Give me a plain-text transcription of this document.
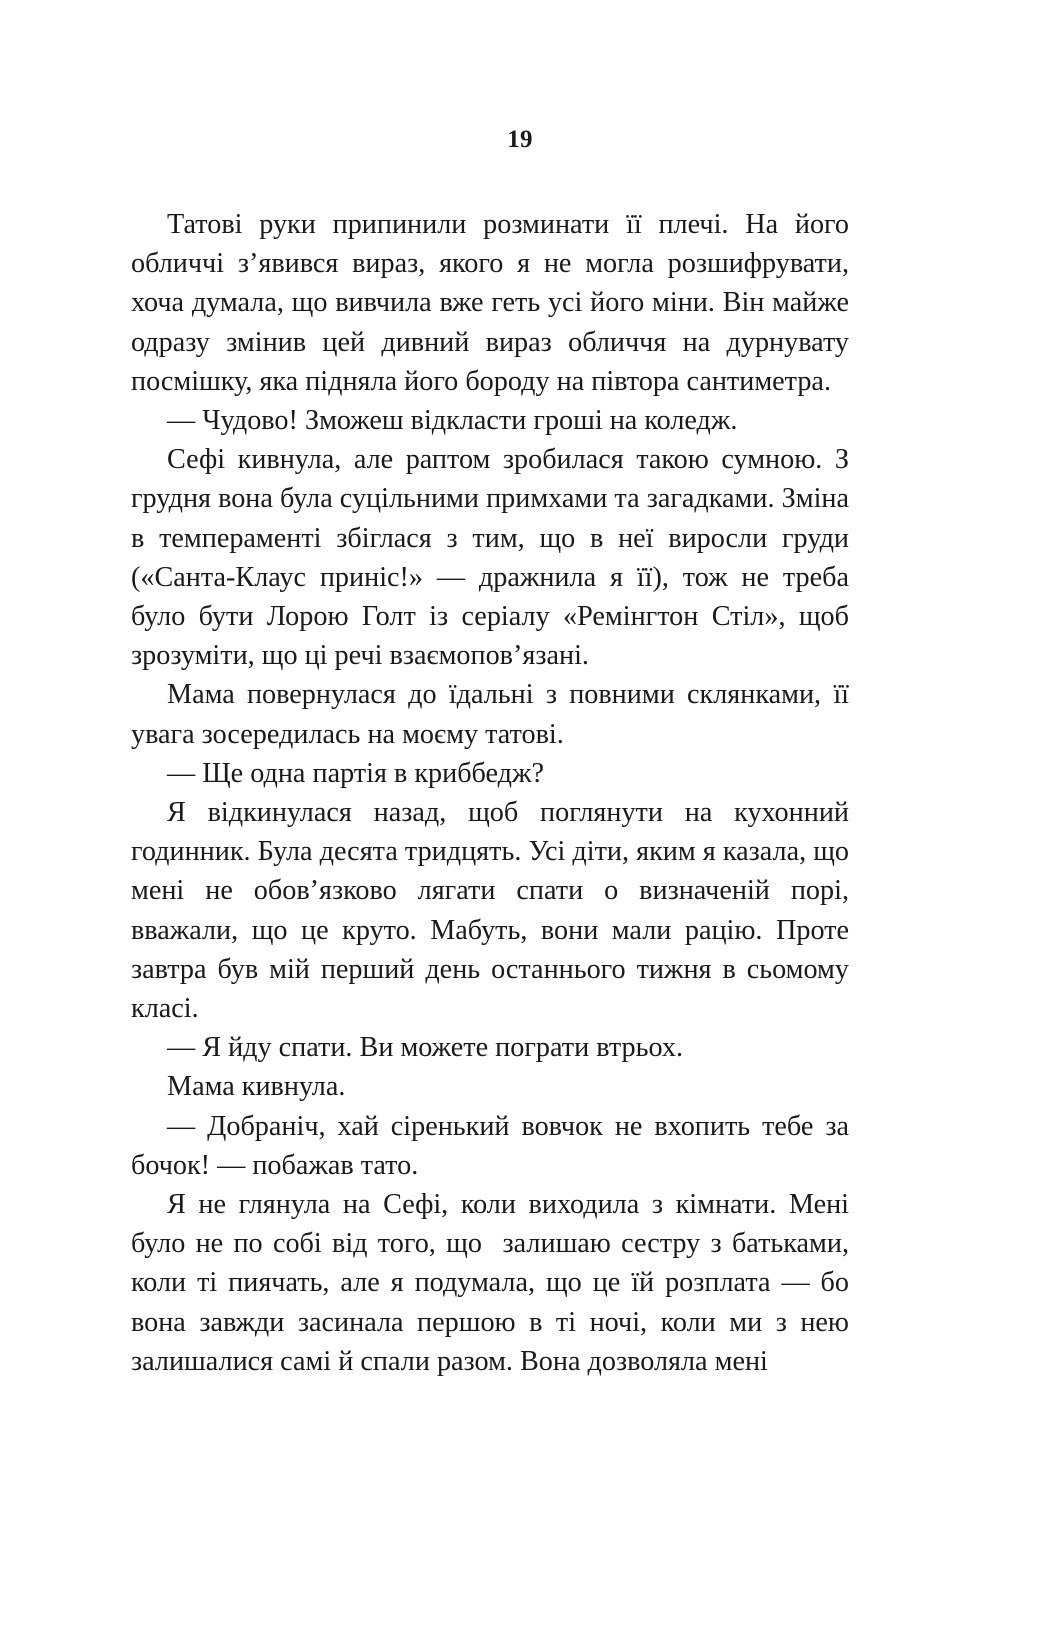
19

Татові руки припинили розминати її плечі. На його обличчі з’явився вираз, якого я не могла розшифрувати, хоча думала, що вивчила вже геть усі його міни. Він майже одразу змінив цей дивний вираз обличчя на дурнувату посмішку, яка підняла його бороду на півтора сантиметра.

— Чудово! Зможеш відкласти гроші на коледж.

Сефі кивнула, але раптом зробилася такою сумною. З грудня вона була суцільними примхами та загадками. Зміна в темпераменті збіглася з тим, що в неї виросли груди («Санта-Клаус приніс!» — дражнила я її), тож не треба було бути Лорою Голт із серіалу «Ремінгтон Стіл», щоб зрозуміти, що ці речі взаємопов’язані.

Мама повернулася до їдальні з повними склянками, її увага зосередилась на моєму татові.

— Ще одна партія в криббедж?

Я відкинулася назад, щоб поглянути на кухонний годинник. Була десята тридцять. Усі діти, яким я казала, що мені не обов’язково лягати спати о визначеній порі, вважали, що це круто. Мабуть, вони мали рацію. Проте завтра був мій перший день останнього тижня в сьомому класі.

— Я йду спати. Ви можете пограти втрьох.

Мама кивнула.

— Добраніч, хай сіренький вовчок не вхопить тебе за бочок! — побажав тато.

Я не глянула на Сефі, коли виходила з кімнати. Мені було не по собі від того, що  залишаю сестру з батьками, коли ті пиячать, але я подумала, що це їй розплата — бо вона завжди засинала першою в ті ночі, коли ми з нею залишалися самі й спали разом. Вона дозволяла мені
